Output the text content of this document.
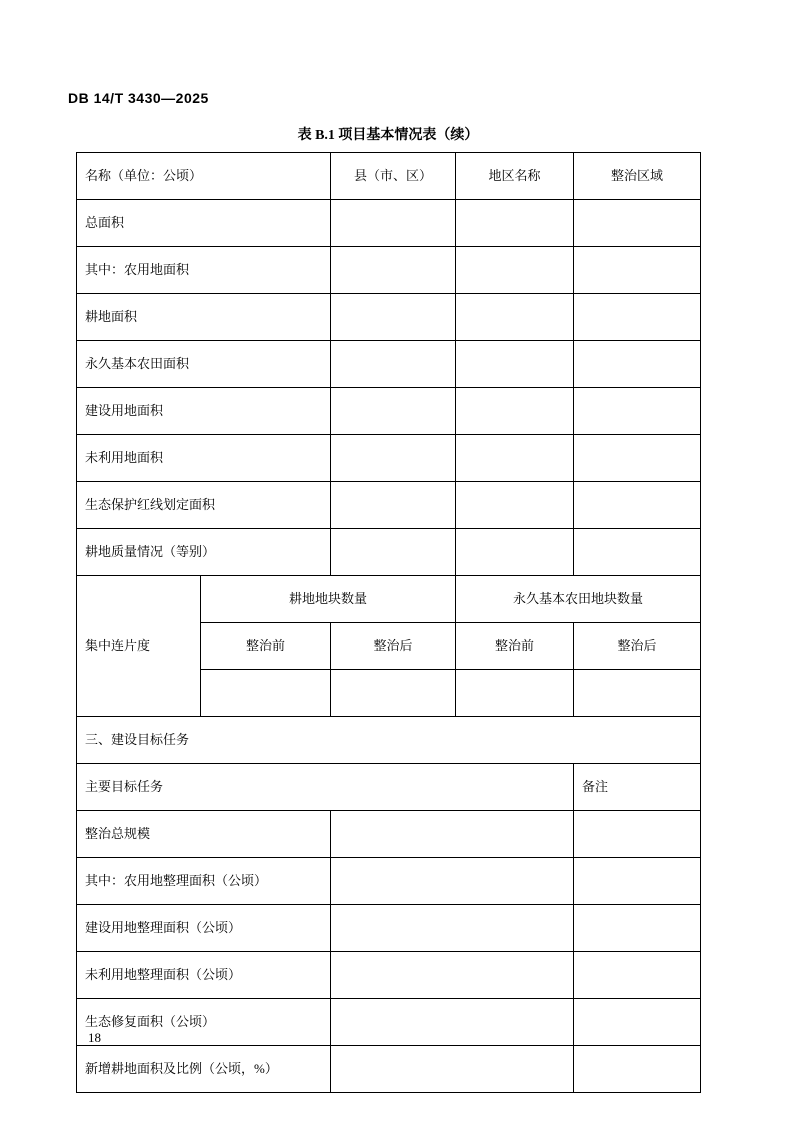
DB 14/T 3430—2025
表 B.1 项目基本情况表（续）
名称（单位：公顷）		县（市、区）	地区名称	整治区域
总面积				
其中：农用地面积				
耕地面积				
永久基本农田面积				
建设用地面积				
未利用地面积				
生态保护红线划定面积				
耕地质量情况（等别）				
集中连片度	耕地地块数量		永久基本农田地块数量	
	整治前	整治后	整治前	整治后

三、建设目标任务				
主要目标任务				备注
整治总规模				
其中：农用地整理面积（公顷）				
建设用地整理面积（公顷）				
未利用地整理面积（公顷）				
生态修复面积（公顷）				
新增耕地面积及比例（公顷，%）				
18
